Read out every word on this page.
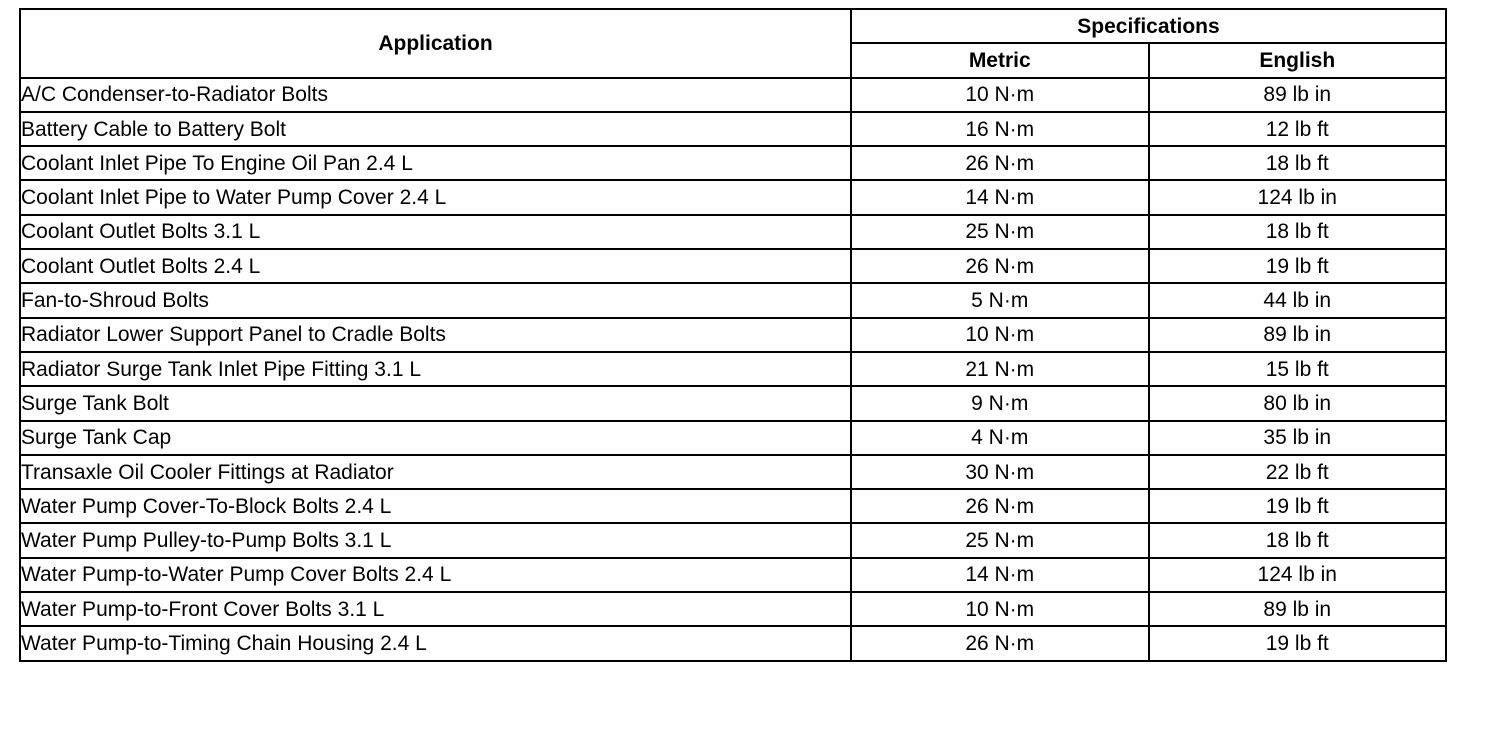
Application	Specifications	
	Metric	English
A/C Condenser-to-Radiator Bolts	10 N·m	89 lb in
Battery Cable to Battery Bolt	16 N·m	12 lb ft
Coolant Inlet Pipe To Engine Oil Pan 2.4 L	26 N·m	18 lb ft
Coolant Inlet Pipe to Water Pump Cover 2.4 L	14 N·m	124 lb in
Coolant Outlet Bolts 3.1 L	25 N·m	18 lb ft
Coolant Outlet Bolts 2.4 L	26 N·m	19 lb ft
Fan-to-Shroud Bolts	5 N·m	44 lb in
Radiator Lower Support Panel to Cradle Bolts	10 N·m	89 lb in
Radiator Surge Tank Inlet Pipe Fitting 3.1 L	21 N·m	15 lb ft
Surge Tank Bolt	9 N·m	80 lb in
Surge Tank Cap	4 N·m	35 lb in
Transaxle Oil Cooler Fittings at Radiator	30 N·m	22 lb ft
Water Pump Cover-To-Block Bolts 2.4 L	26 N·m	19 lb ft
Water Pump Pulley-to-Pump Bolts 3.1 L	25 N·m	18 lb ft
Water Pump-to-Water Pump Cover Bolts 2.4 L	14 N·m	124 lb in
Water Pump-to-Front Cover Bolts 3.1 L	10 N·m	89 lb in
Water Pump-to-Timing Chain Housing 2.4 L	26 N·m	19 lb ft
